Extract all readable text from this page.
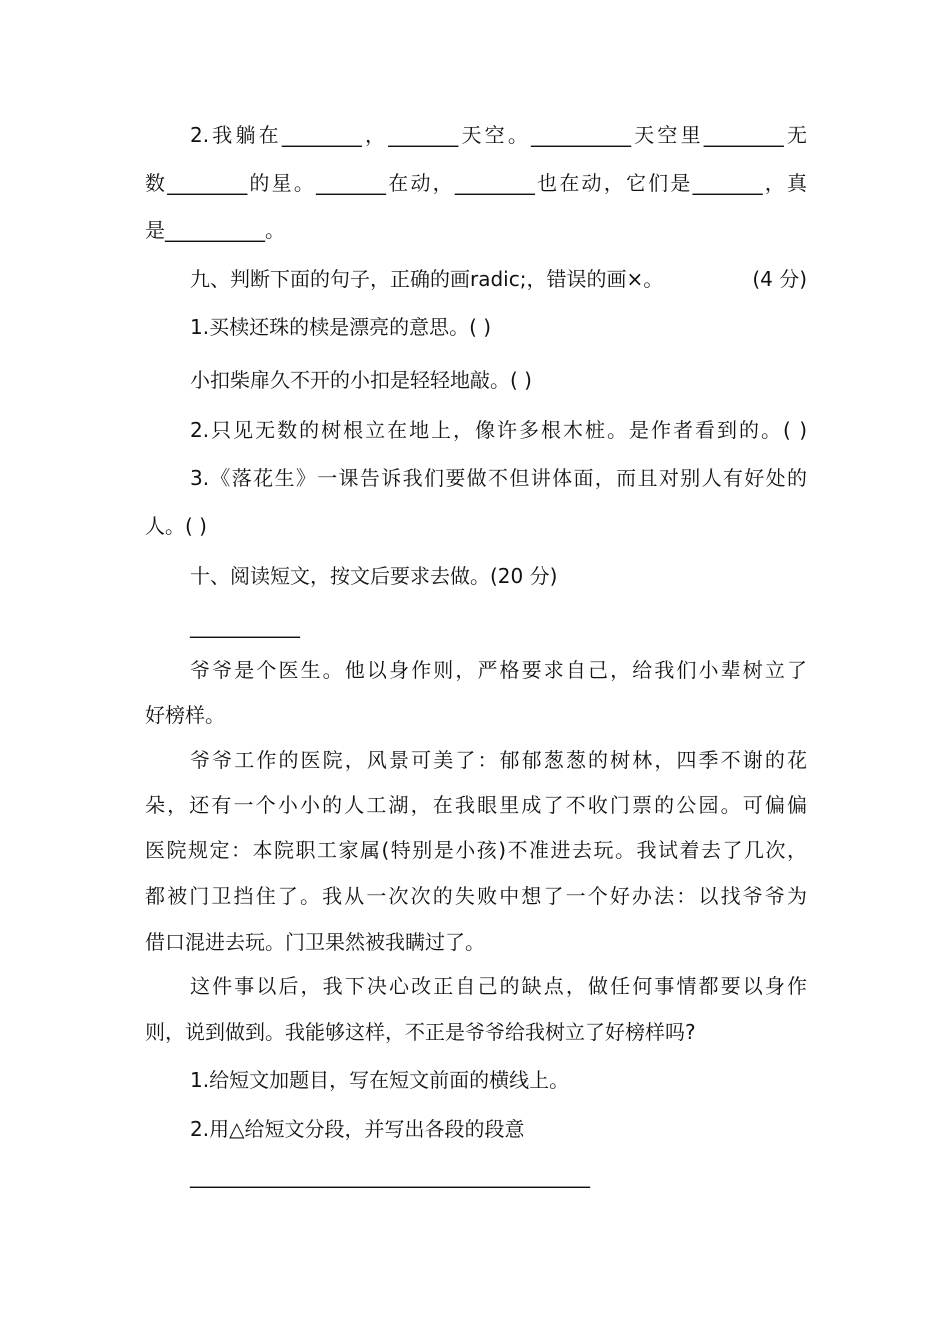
2.我躺在________，_______天空。__________天空里________无
数________的星。_______在动，________也在动，它们是_______，真
是__________。
九、判断下面的句子，正确的画radic;，错误的画×。	(4 分)
1.买椟还珠的椟是漂亮的意思。( )
小扣柴扉久不开的小扣是轻轻地敲。( )
2.只见无数的树根立在地上，像许多根木桩。是作者看到的。( )
3.《落花生》一课告诉我们要做不但讲体面，而且对别人有好处的
人。( )
十、阅读短文，按文后要求去做。(20 分)
___________
爷爷是个医生。他以身作则，严格要求自己，给我们小辈树立了
好榜样。
爷爷工作的医院，风景可美了：郁郁葱葱的树林，四季不谢的花
朵，还有一个小小的人工湖，在我眼里成了不收门票的公园。可偏偏
医院规定：本院职工家属(特别是小孩)不准进去玩。我试着去了几次，
都被门卫挡住了。我从一次次的失败中想了一个好办法：以找爷爷为
借口混进去玩。门卫果然被我瞒过了。
这件事以后，我下决心改正自己的缺点，做任何事情都要以身作
则，说到做到。我能够这样，不正是爷爷给我树立了好榜样吗?
1.给短文加题目，写在短文前面的横线上。
2.用△给短文分段，并写出各段的段意
________________________________________
